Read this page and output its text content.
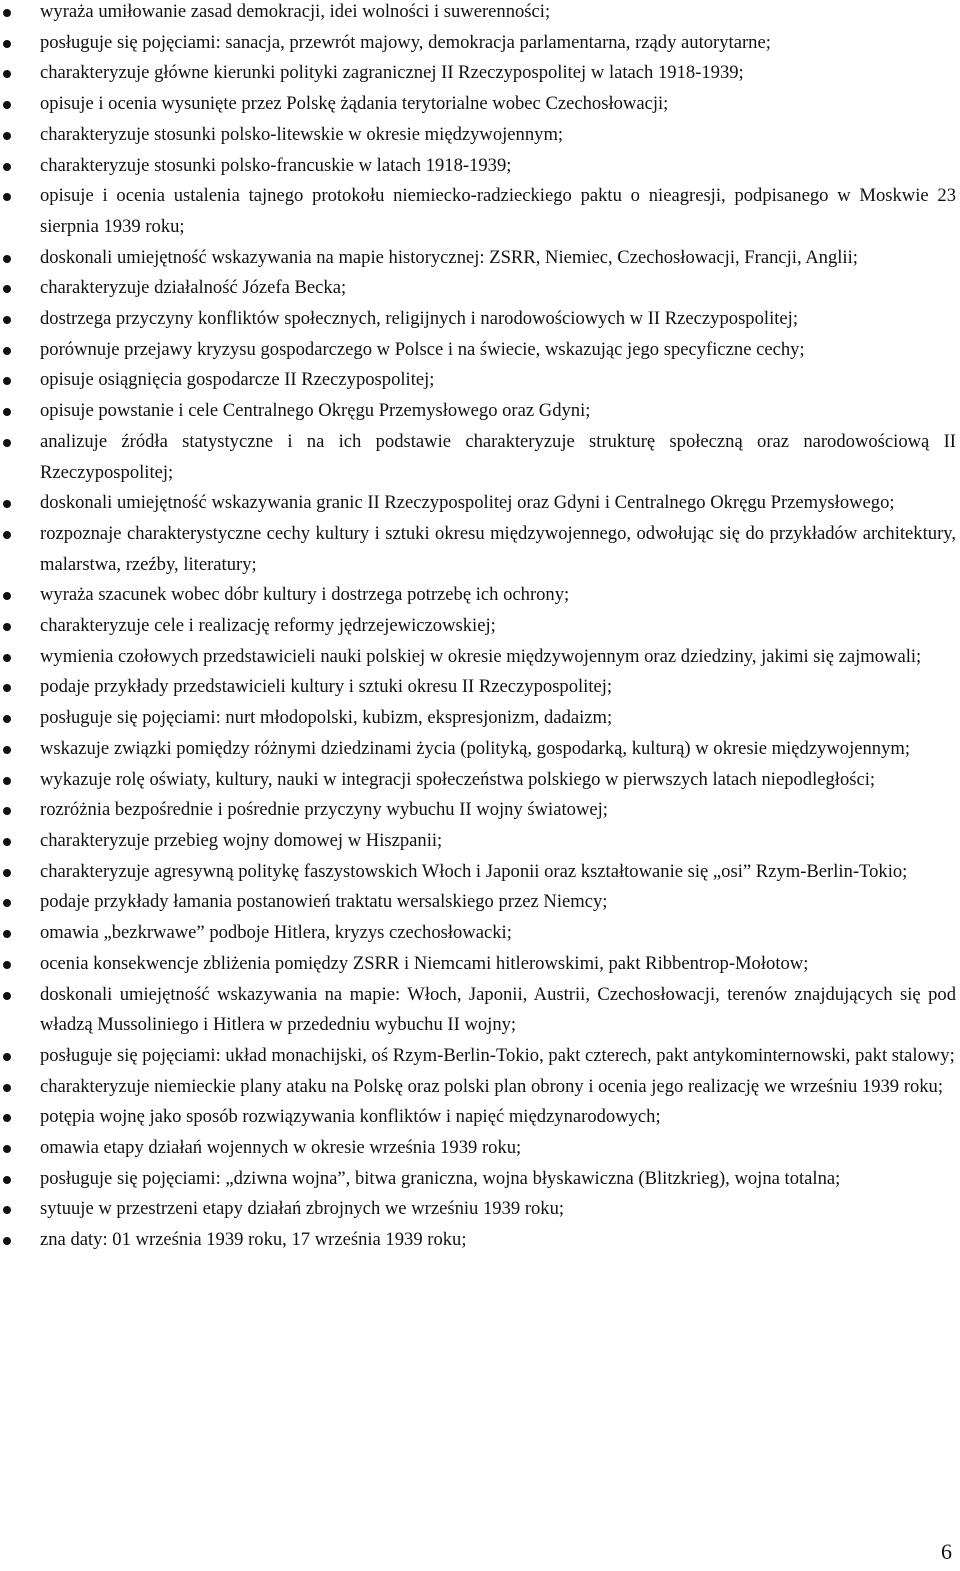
wyraża umiłowanie zasad demokracji, idei wolności i suwerenności;
posługuje się pojęciami: sanacja, przewrót majowy, demokracja parlamentarna, rządy autorytarne;
charakteryzuje główne kierunki polityki zagranicznej II Rzeczypospolitej w latach 1918-1939;
opisuje i ocenia wysunięte przez Polskę żądania terytorialne wobec Czechosłowacji;
charakteryzuje stosunki polsko-litewskie w okresie międzywojennym;
charakteryzuje stosunki polsko-francuskie w latach 1918-1939;
opisuje i ocenia ustalenia tajnego protokołu niemiecko-radzieckiego paktu o nieagresji, podpisanego w Moskwie 23 sierpnia 1939 roku;
doskonali umiejętność wskazywania na mapie historycznej: ZSRR, Niemiec, Czechosłowacji, Francji, Anglii;
charakteryzuje działalność Józefa Becka;
dostrzega przyczyny konfliktów społecznych, religijnych i narodowościowych w II Rzeczypospolitej;
porównuje przejawy kryzysu gospodarczego w Polsce i na świecie, wskazując jego specyficzne cechy;
opisuje osiągnięcia gospodarcze II Rzeczypospolitej;
opisuje powstanie i cele Centralnego Okręgu Przemysłowego oraz Gdyni;
analizuje źródła statystyczne i na ich podstawie charakteryzuje strukturę społeczną oraz narodowościową II Rzeczypospolitej;
doskonali umiejętność wskazywania granic II Rzeczypospolitej oraz Gdyni i Centralnego Okręgu Przemysłowego;
rozpoznaje charakterystyczne cechy kultury i sztuki okresu międzywojennego, odwołując się do przykładów architektury, malarstwa, rzeźby, literatury;
wyraża szacunek wobec dóbr kultury i dostrzega potrzebę ich ochrony;
charakteryzuje cele i realizację reformy jędrzejewiczowskiej;
wymienia czołowych przedstawicieli nauki polskiej w okresie międzywojennym oraz dziedziny, jakimi się zajmowali;
podaje przykłady przedstawicieli kultury i sztuki okresu II Rzeczypospolitej;
posługuje się pojęciami: nurt młodopolski, kubizm, ekspresjonizm, dadaizm;
wskazuje związki pomiędzy różnymi dziedzinami życia (polityką, gospodarką, kulturą) w okresie międzywojennym;
wykazuje rolę oświaty, kultury, nauki w integracji społeczeństwa polskiego w pierwszych latach niepodległości;
rozróżnia bezpośrednie i pośrednie przyczyny wybuchu II wojny światowej;
charakteryzuje przebieg wojny domowej w Hiszpanii;
charakteryzuje agresywną politykę faszystowskich Włoch i Japonii oraz kształtowanie się „osi” Rzym-Berlin-Tokio;
podaje przykłady łamania postanowień traktatu wersalskiego przez Niemcy;
omawia „bezkrwawe” podboje Hitlera, kryzys czechosłowacki;
ocenia konsekwencje zbliżenia pomiędzy ZSRR i Niemcami hitlerowskimi, pakt Ribbentrop-Mołotow;
doskonali umiejętność wskazywania na mapie: Włoch, Japonii, Austrii, Czechosłowacji, terenów znajdujących się pod władzą Mussoliniego i Hitlera w przededniu wybuchu II wojny;
posługuje się pojęciami: układ monachijski, oś Rzym-Berlin-Tokio, pakt czterech, pakt antykominternowski, pakt stalowy;
charakteryzuje niemieckie plany ataku na Polskę oraz polski plan obrony i ocenia jego realizację we wrześniu 1939 roku;
potępia wojnę jako sposób rozwiązywania konfliktów i napięć międzynarodowych;
omawia etapy działań wojennych w okresie września 1939 roku;
posługuje się pojęciami: „dziwna wojna”, bitwa graniczna, wojna błyskawiczna (Blitzkrieg), wojna totalna;
sytuuje w przestrzeni etapy działań zbrojnych we wrześniu 1939 roku;
zna daty: 01 września 1939 roku, 17 września 1939 roku;
6
